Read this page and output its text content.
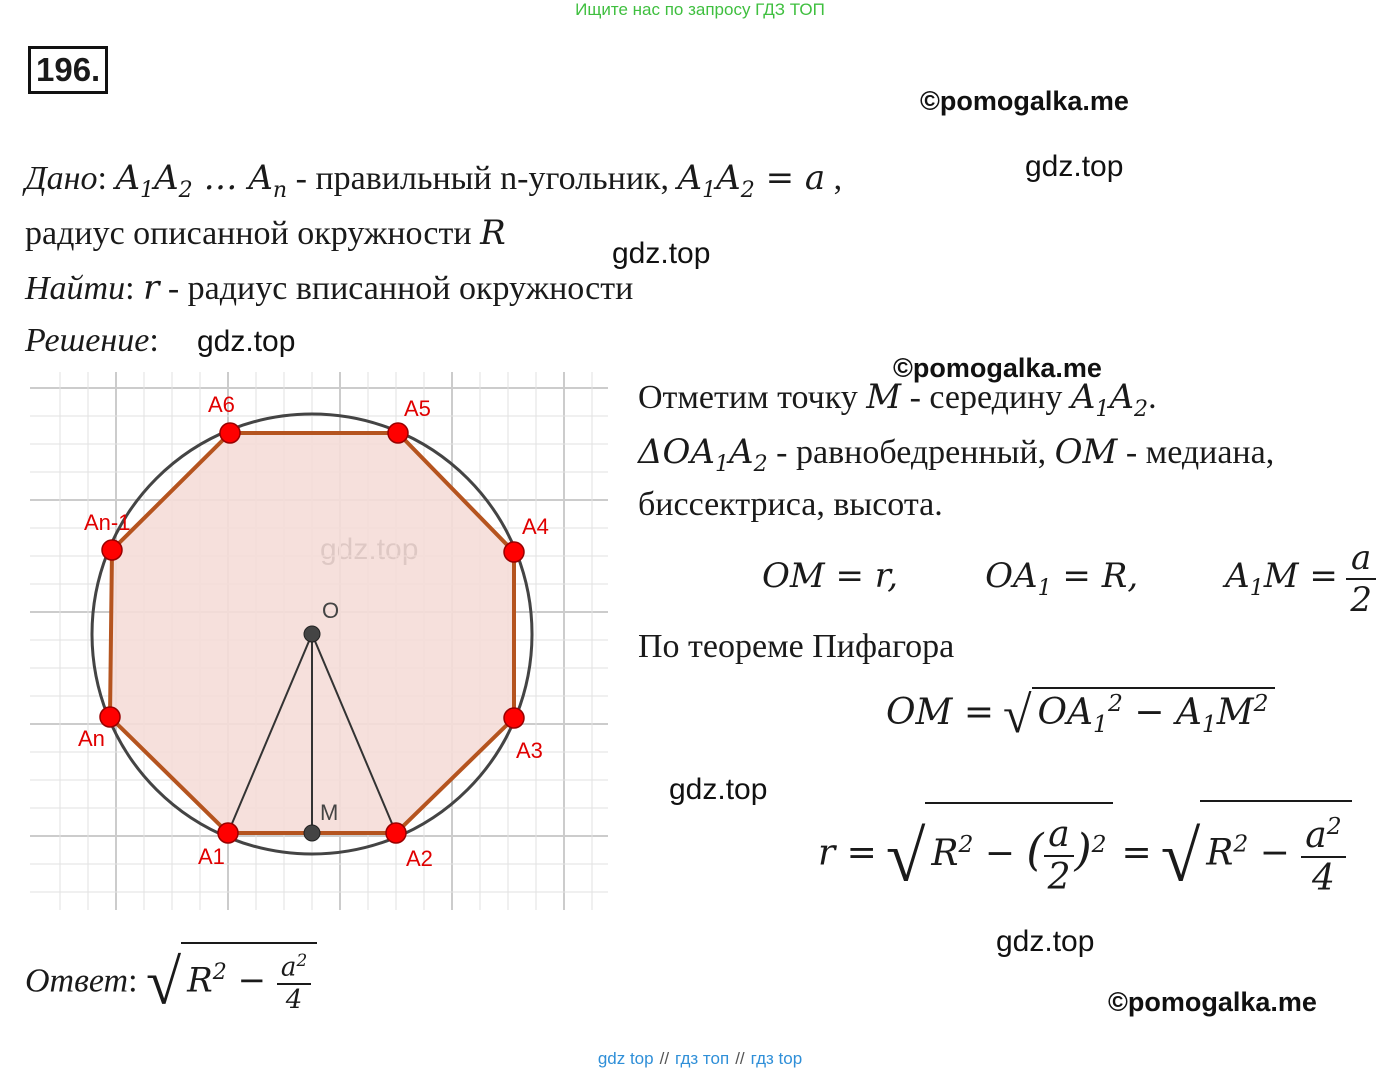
Ищите нас по запросу ГДЗ ТОП
196.
©pomogalka.me
gdz.top
gdz.top
gdz.top
©pomogalka.me
gdz.top
gdz.top
©pomogalka.me
Дано: $A_1A_2$ … $A_n$ - правильный n-угольник, $A_1A_2 = a$ ,
радиус описанной окружности R
Найти: r - радиус вписанной окружности
Решение:
A1	A2
A3
A4
A5
A6
An-1
An
O
M
Отметим точку M - середину $A_1A_2$.
$\Delta OA_1A_2$ - равнобедренный, OM - медиана,
биссектриса, высота.
OM = r,	$OA_1 = R$,	$A_1M = \frac{a}{2}$
По теореме Пифагора
OM = √ $OA_1^2 - A_1M^2$
r = √ $R^2$ − ( $\frac{a}{2} )^2$ = √ $R^2 - \frac{a^2}{4}$
Ответ: √ $R^2 - \frac{a^2}{4}$
gdz top // гдз топ // гдз top
